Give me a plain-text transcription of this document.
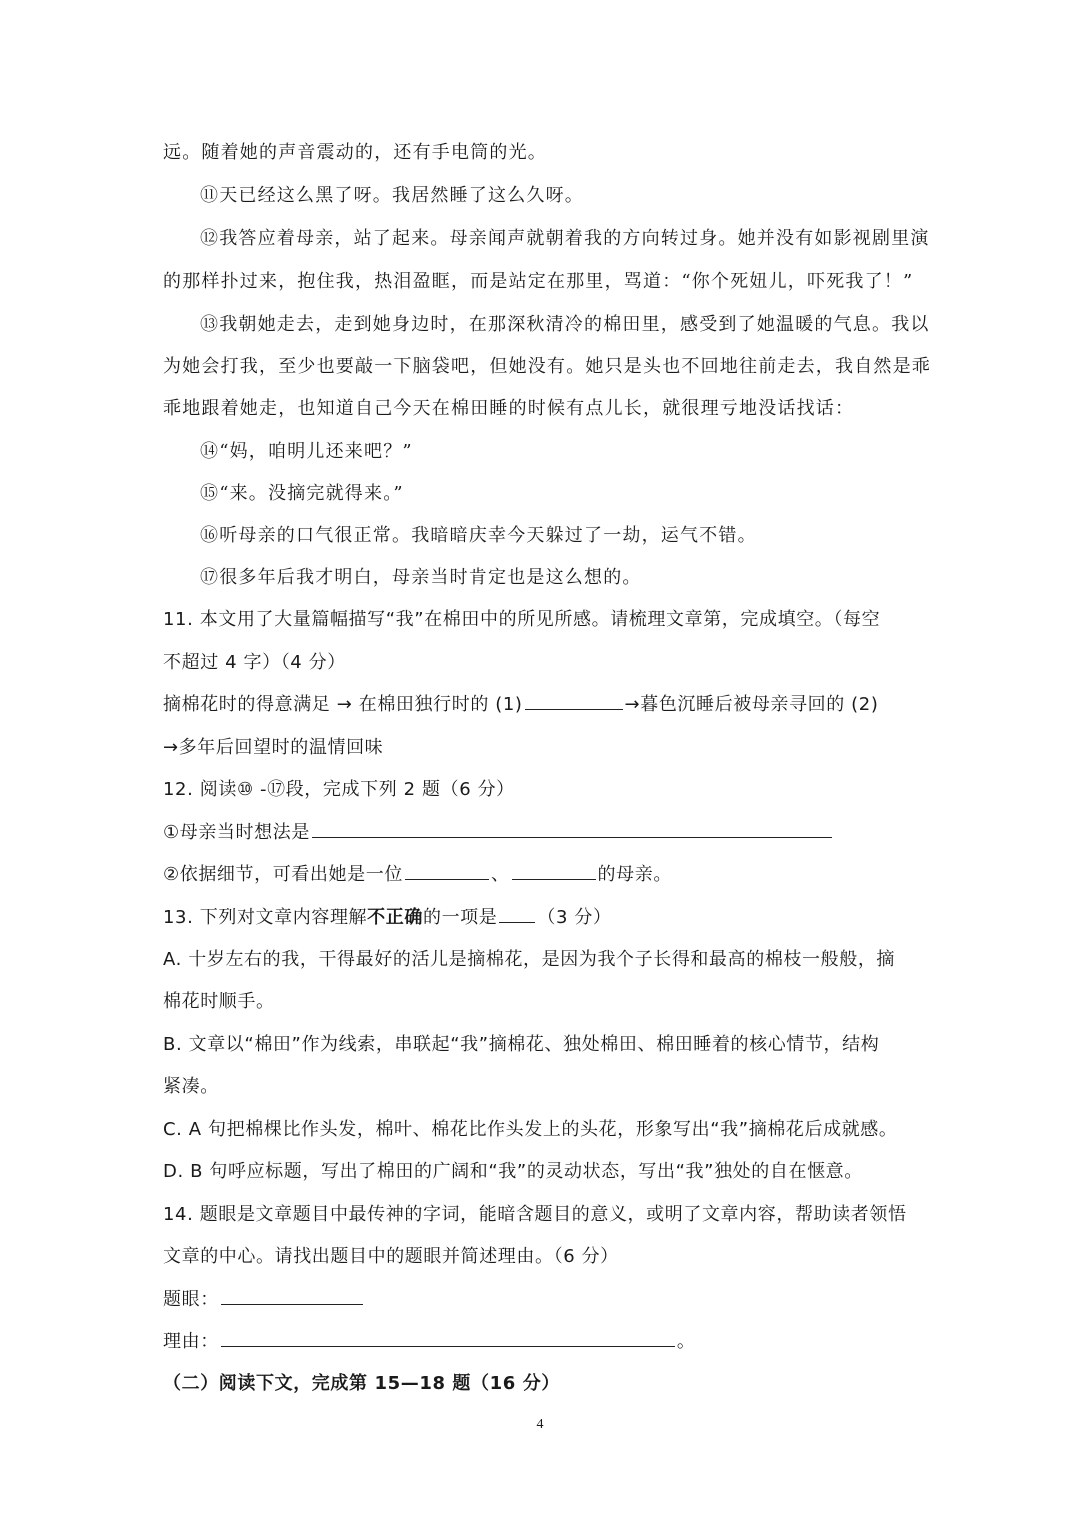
远。随着她的声音震动的，还有手电筒的光。
⑪天已经这么黑了呀。我居然睡了这么久呀。
⑫我答应着母亲，站了起来。母亲闻声就朝着我的方向转过身。她并没有如影视剧里演
的那样扑过来，抱住我，热泪盈眶，而是站定在那里，骂道：“你个死妞儿，吓死我了！”
⑬我朝她走去，走到她身边时，在那深秋清冷的棉田里，感受到了她温暖的气息。我以
为她会打我，至少也要敲一下脑袋吧，但她没有。她只是头也不回地往前走去，我自然是乖
乖地跟着她走，也知道自己今天在棉田睡的时候有点儿长，就很理亏地没话找话：
⑭“妈，咱明儿还来吧？”
⑮“来。没摘完就得来。”
⑯听母亲的口气很正常。我暗暗庆幸今天躲过了一劫，运气不错。
⑰很多年后我才明白，母亲当时肯定也是这么想的。
11. 本文用了大量篇幅描写“我”在棉田中的所见所感。请梳理文章第，完成填空。（每空
不超过 4 字）（4 分）
摘棉花时的得意满足 → 在棉田独行时的 (1)	→暮色沉睡后被母亲寻回的 (2)
→多年后回望时的温情回味
12. 阅读⑩ -⑰段，完成下列 2 题（6 分）
①母亲当时想法是
②依据细节，可看出她是一位	、	的母亲。
13. 下列对文章内容理解不正确的一项是 （3 分）
A. 十岁左右的我，干得最好的活儿是摘棉花，是因为我个子长得和最高的棉枝一般般，摘
棉花时顺手。
B. 文章以“棉田”作为线索，串联起“我”摘棉花、独处棉田、棉田睡着的核心情节，结构
紧凑。
C. A 句把棉棵比作头发，棉叶、棉花比作头发上的头花，形象写出“我”摘棉花后成就感。
D. B 句呼应标题，写出了棉田的广阔和“我”的灵动状态，写出“我”独处的自在惬意。
14. 题眼是文章题目中最传神的字词，能暗含题目的意义，或明了文章内容，帮助读者领悟
文章的中心。请找出题目中的题眼并简述理由。（6 分）
题眼：
理由：	。
（二）阅读下文，完成第 15—18 题（16 分）
4
